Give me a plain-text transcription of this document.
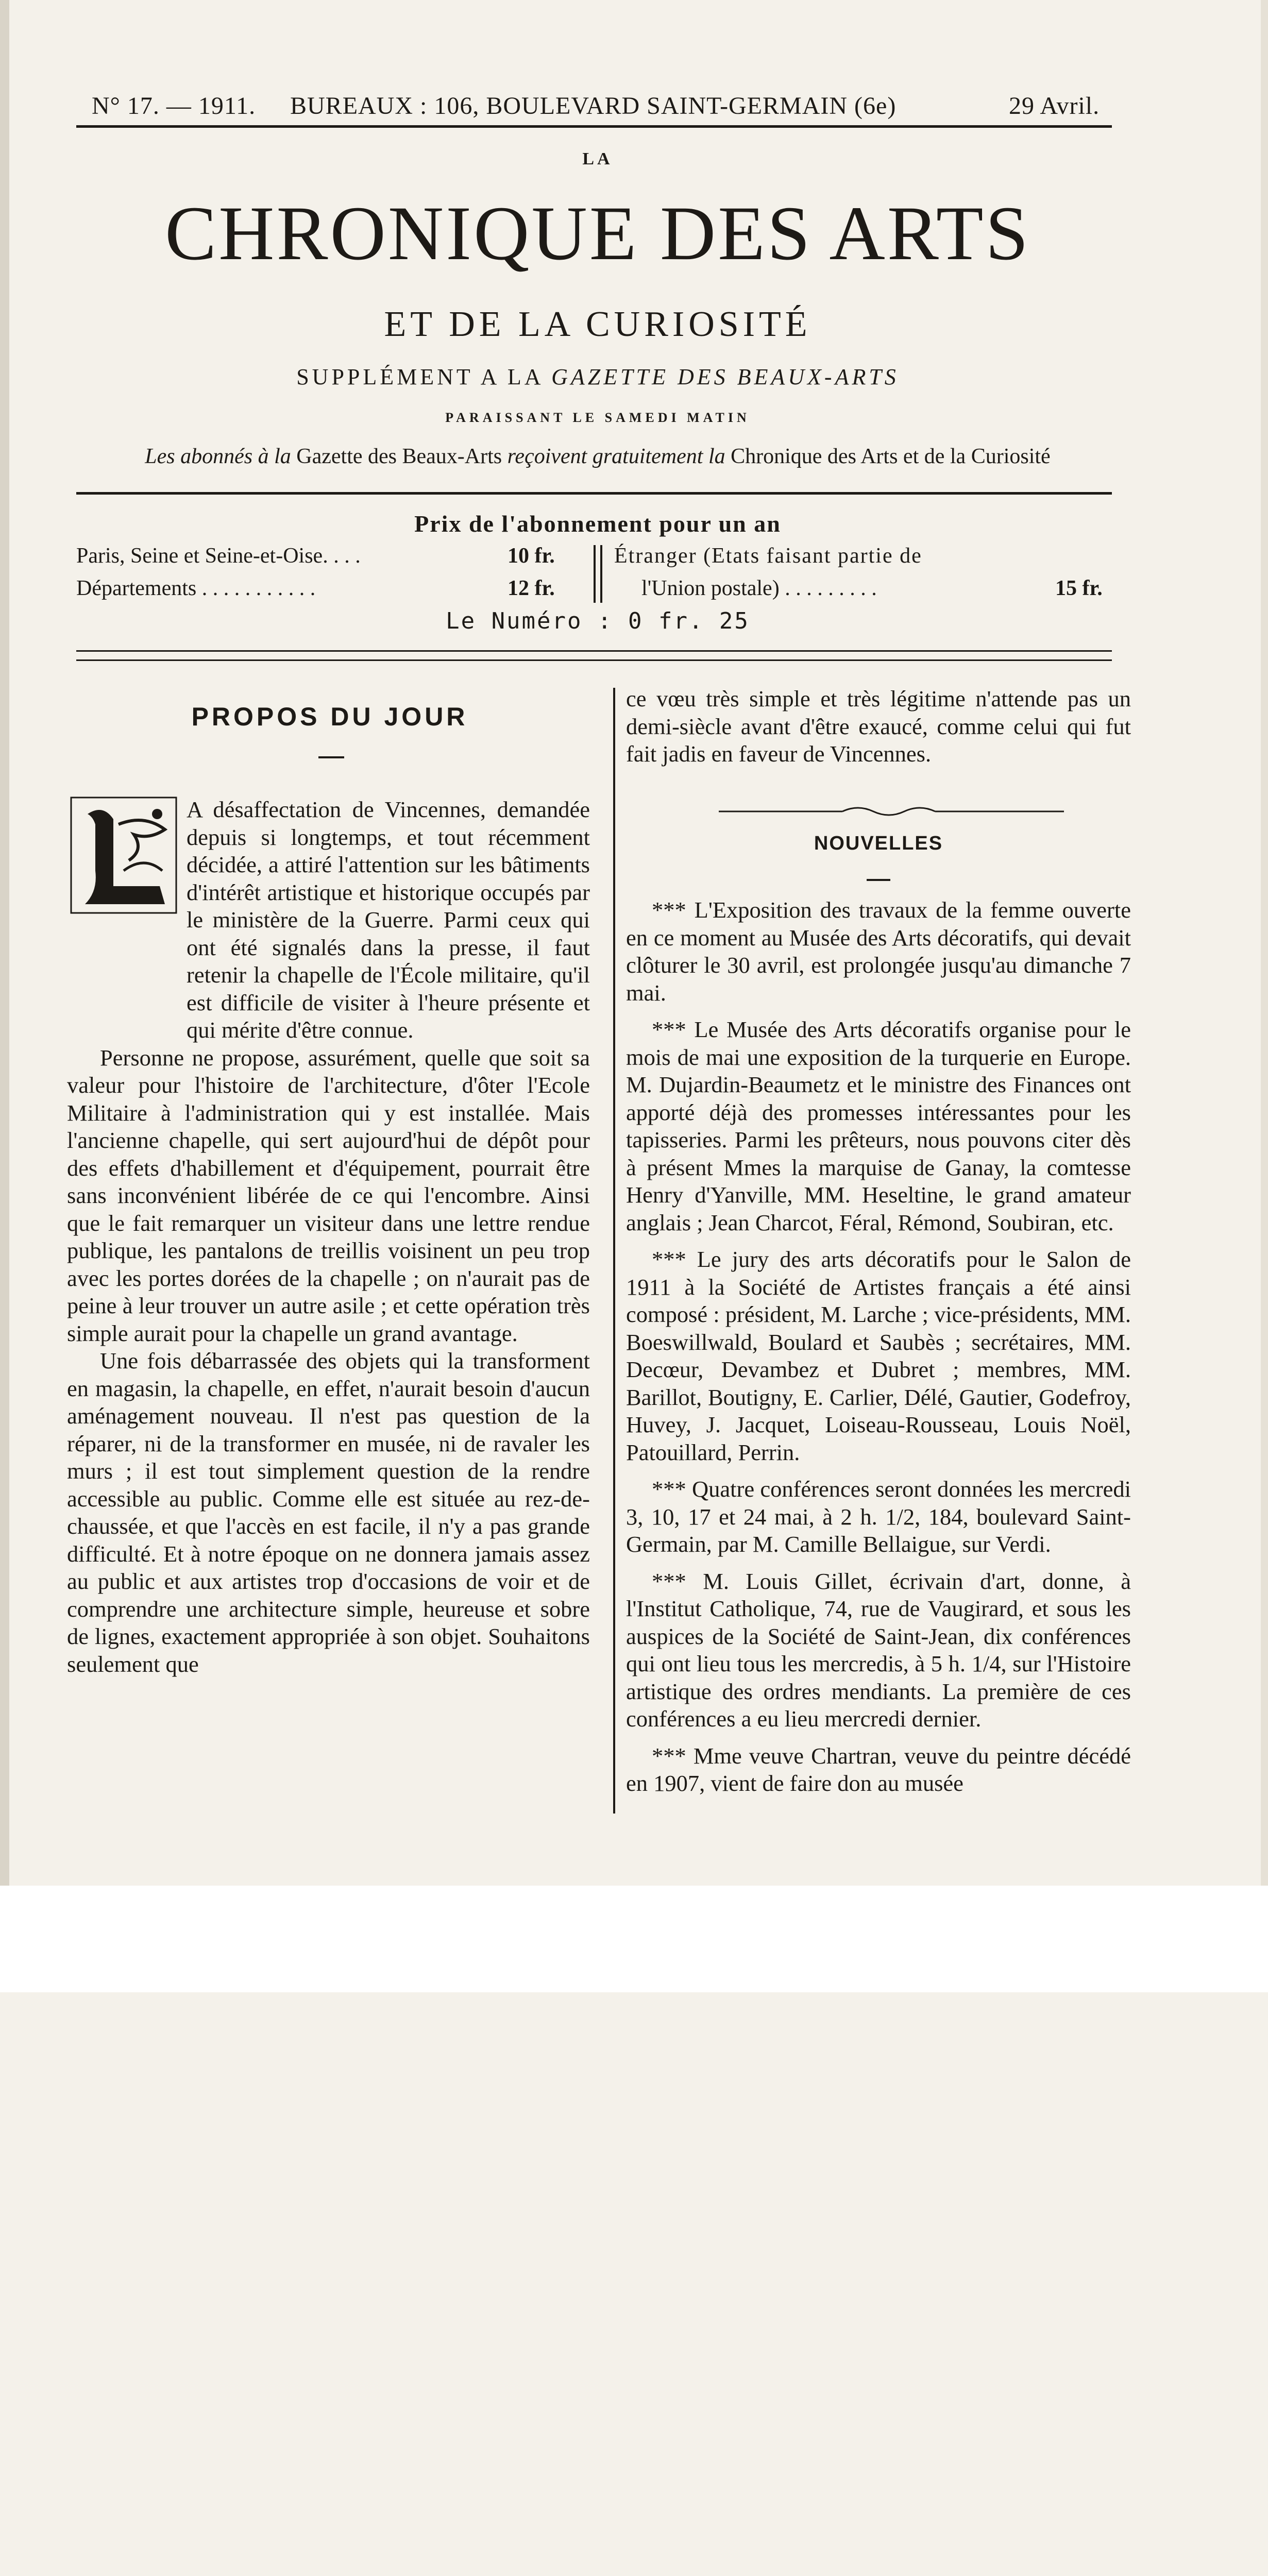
N° 17. — 1911. BUREAUX : 106, BOULEVARD SAINT-GERMAIN (6e)	29 Avril.
LA
CHRONIQUE DES ARTS
ET DE LA CURIOSITÉ
SUPPLÉMENT A LA GAZETTE DES BEAUX-ARTS
PARAISSANT LE SAMEDI MATIN
Les abonnés à la Gazette des Beaux-Arts reçoivent gratuitement la Chronique des Arts et de la Curiosité
Prix de l'abonnement pour un an
Paris, Seine et Seine-et-Oise. . . .	10 fr.
Départements . . . . . . . . . . .	12 fr.
Étranger (Etats faisant partie de
l'Union postale) . . . . . . . . .	15 fr.
Le Numéro : 0 fr. 25
PROPOS DU JOUR
L

A désaffectation de Vincennes, demandée depuis si longtemps, et tout récemment décidée, a attiré l'attention sur les bâtiments d'intérêt artistique et historique occupés par le ministère de la Guerre. Parmi ceux qui ont été signalés dans la presse, il faut retenir la chapelle de l'École militaire, qu'il est difficile de visiter à l'heure présente et qui mérite d'être connue.

Personne ne propose, assurément, quelle que soit sa valeur pour l'histoire de l'architecture, d'ôter l'Ecole Militaire à l'administration qui y est installée. Mais l'ancienne chapelle, qui sert aujourd'hui de dépôt pour des effets d'habillement et d'équipement, pourrait être sans inconvénient libérée de ce qui l'encombre. Ainsi que le fait remarquer un visiteur dans une lettre rendue publique, les pantalons de treillis voisinent un peu trop avec les portes dorées de la chapelle ; on n'aurait pas de peine à leur trouver un autre asile ; et cette opération très simple aurait pour la chapelle un grand avantage.

Une fois débarrassée des objets qui la transforment en magasin, la chapelle, en effet, n'aurait besoin d'aucun aménagement nouveau. Il n'est pas question de la réparer, ni de la transformer en musée, ni de ravaler les murs ; il est tout simplement question de la rendre accessible au public. Comme elle est située au rez-de-chaussée, et que l'accès en est facile, il n'y a pas grande difficulté. Et à notre époque on ne donnera jamais assez au public et aux artistes trop d'occasions de voir et de comprendre une architecture simple, heureuse et sobre de lignes, exactement appropriée à son objet. Souhaitons seulement que

ce vœu très simple et très légitime n'attende pas un demi-siècle avant d'être exaucé, comme celui qui fut fait jadis en faveur de Vincennes.

NOUVELLES

*** L'Exposition des travaux de la femme ouverte en ce moment au Musée des Arts décoratifs, qui devait clôturer le 30 avril, est prolongée jusqu'au dimanche 7 mai.

*** Le Musée des Arts décoratifs organise pour le mois de mai une exposition de la turquerie en Europe. M. Dujardin-Beaumetz et le ministre des Finances ont apporté déjà des promesses intéressantes pour les tapisseries. Parmi les prêteurs, nous pouvons citer dès à présent Mmes la marquise de Ganay, la comtesse Henry d'Yanville, MM. Heseltine, le grand amateur anglais ; Jean Charcot, Féral, Rémond, Soubiran, etc.

*** Le jury des arts décoratifs pour le Salon de 1911 à la Société de Artistes français a été ainsi composé : président, M. Larche ; vice-présidents, MM. Boeswillwald, Boulard et Saubès ; secrétaires, MM. Decœur, Devambez et Dubret ; membres, MM. Barillot, Boutigny, E. Carlier, Délé, Gautier, Godefroy, Huvey, J. Jacquet, Loiseau-Rousseau, Louis Noël, Patouillard, Perrin.

*** Quatre conférences seront données les mercredi 3, 10, 17 et 24 mai, à 2 h. 1/2, 184, boulevard Saint-Germain, par M. Camille Bellaigue, sur Verdi.

*** M. Louis Gillet, écrivain d'art, donne, à l'Institut Catholique, 74, rue de Vaugirard, et sous les auspices de la Société de Saint-Jean, dix conférences qui ont lieu tous les mercredis, à 5 h. 1/4, sur l'Histoire artistique des ordres mendiants. La première de ces conférences a eu lieu mercredi dernier.

*** Mme veuve Chartran, veuve du peintre décédé en 1907, vient de faire don au musée
